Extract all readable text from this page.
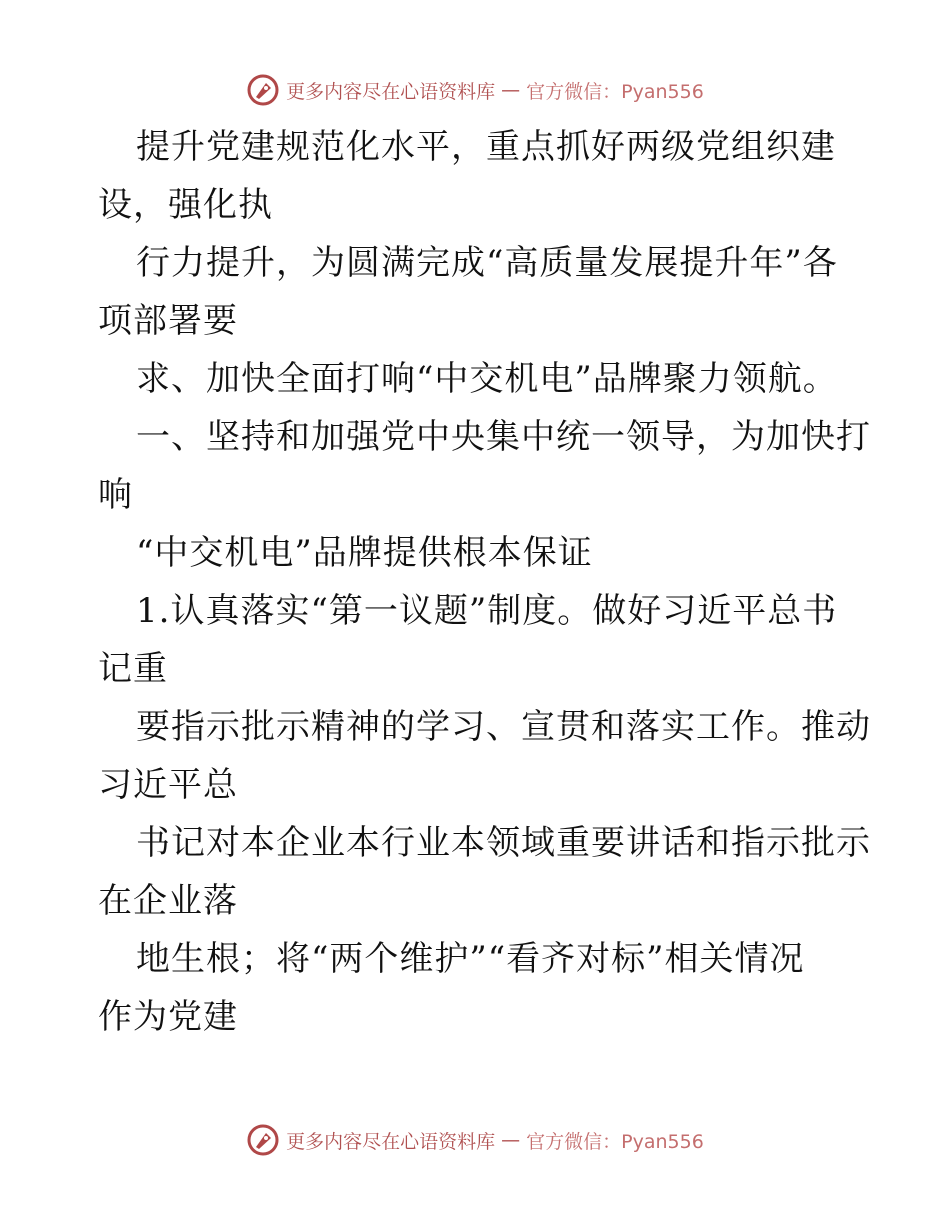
更多内容尽在心语资料库 — 官方微信：Pyan556
提升党建规范化水平，重点抓好两级党组织建
设，强化执
行力提升，为圆满完成“高质量发展提升年”各
项部署要
求、加快全面打响“中交机电”品牌聚力领航。
一、坚持和加强党中央集中统一领导，为加快打
响
“中交机电”品牌提供根本保证
1.认真落实“第一议题”制度。做好习近平总书
记重
要指示批示精神的学习、宣贯和落实工作。推动
习近平总
书记对本企业本行业本领域重要讲话和指示批示
在企业落
地生根；将“两个维护”“看齐对标”相关情况
作为党建
更多内容尽在心语资料库 — 官方微信：Pyan556
